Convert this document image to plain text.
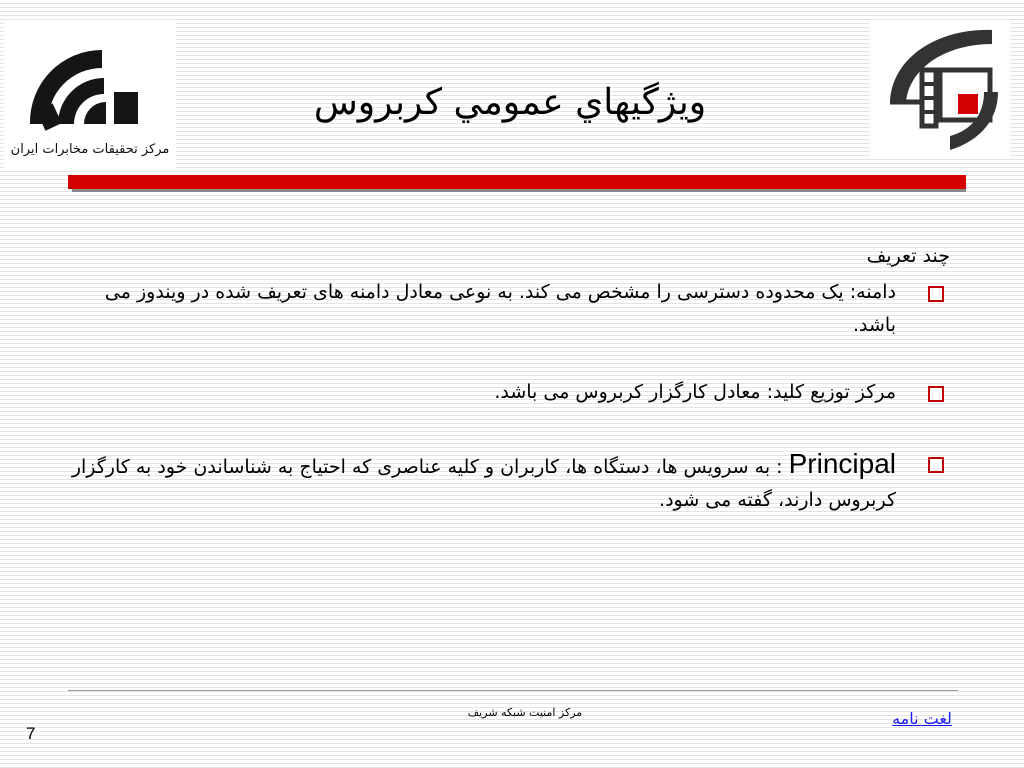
مرکز تحقیقات مخابرات ایران
ويژگيهاي عمومي كربروس
چند تعریف
دامنه: یک محدوده دسترسی را مشخص می کند. به نوعی معادل دامنه های تعریف شده در ویندوز می باشد.
مرکز توزیع کلید: معادل کارگزار کربروس می باشد.
Principal : به سرویس ها، دستگاه ها، کاربران و کلیه عناصری که احتیاج به شناساندن خود به کارگزار کربروس دارند، گفته می شود.
مرکز امنیت شبکه شریف	لغت نامه
7
